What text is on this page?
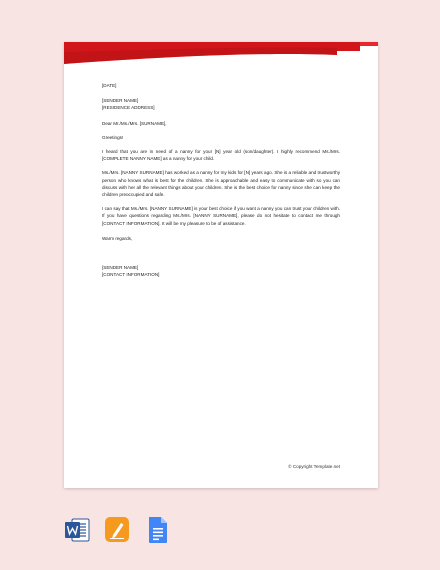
[DATE]

[SENDER NAME]

[RESIDENCE ADDRESS]

Dear Mr./Ms./Mrs. [SURNAME],

Greetings!

I heard that you are in need of a nanny for your [N] year old (son/daughter). I highly recommend Ms./Mrs. [COMPLETE NANNY NAME] as a nanny for your child.

Ms./Mrs. [NANNY SURNAME] has worked as a nanny for my kids for [N] years ago. She is a reliable and trustworthy person who knows what is best for the children. She is approachable and easy to communicate with so you can discuss with her all the relevant things about your children. She is the best choice for nanny since she can keep the children preoccupied and safe.

I can say that Ms./Mrs. [NANNY SURNAME] is your best choice if you want a nanny you can trust your children with. If you have questions regarding Ms./Mrs. [NANNY SURNAME], please do not hesitate to contact me through [CONTACT INFORMATION]. It will be my pleasure to be of assistance.

Warm regards,

[SENDER NAME]

[CONTACT INFORMATION]

© Copyright Template.net
